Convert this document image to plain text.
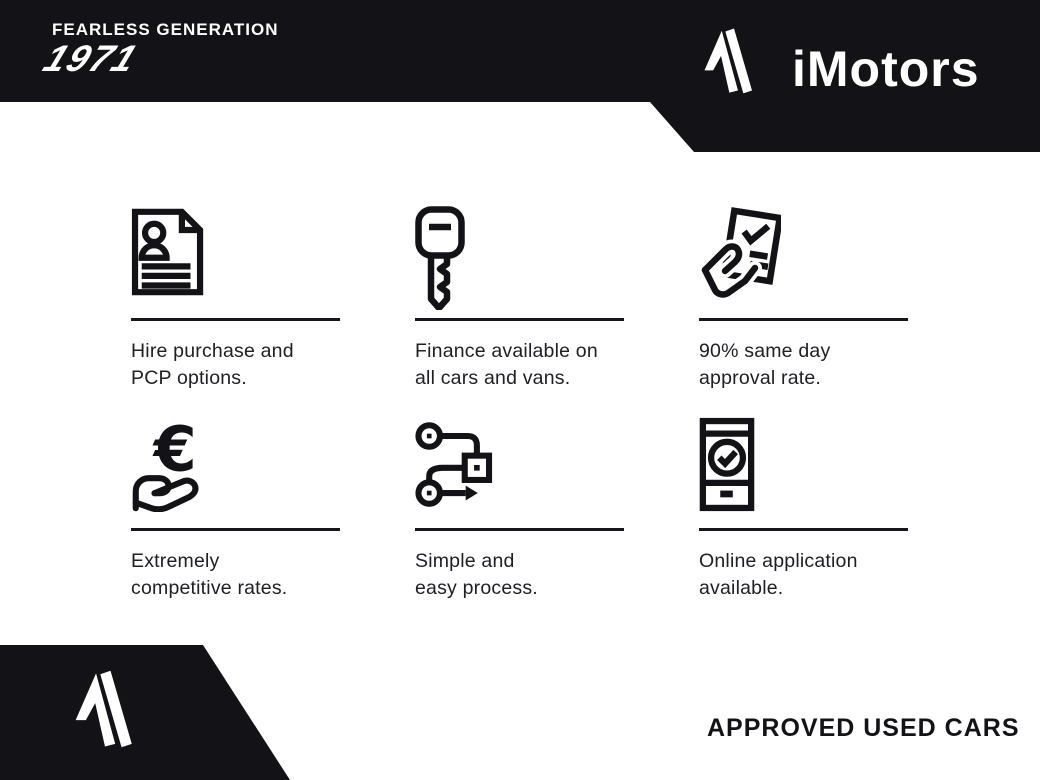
FEARLESS GENERATION
1971	iMotors
Hire purchase and
PCP options.
Finance available on
all cars and vans.
90% same day
approval rate.
€
Extremely
competitive rates.
Simple and
easy process.
Online application
available.
APPROVED USED CARS
